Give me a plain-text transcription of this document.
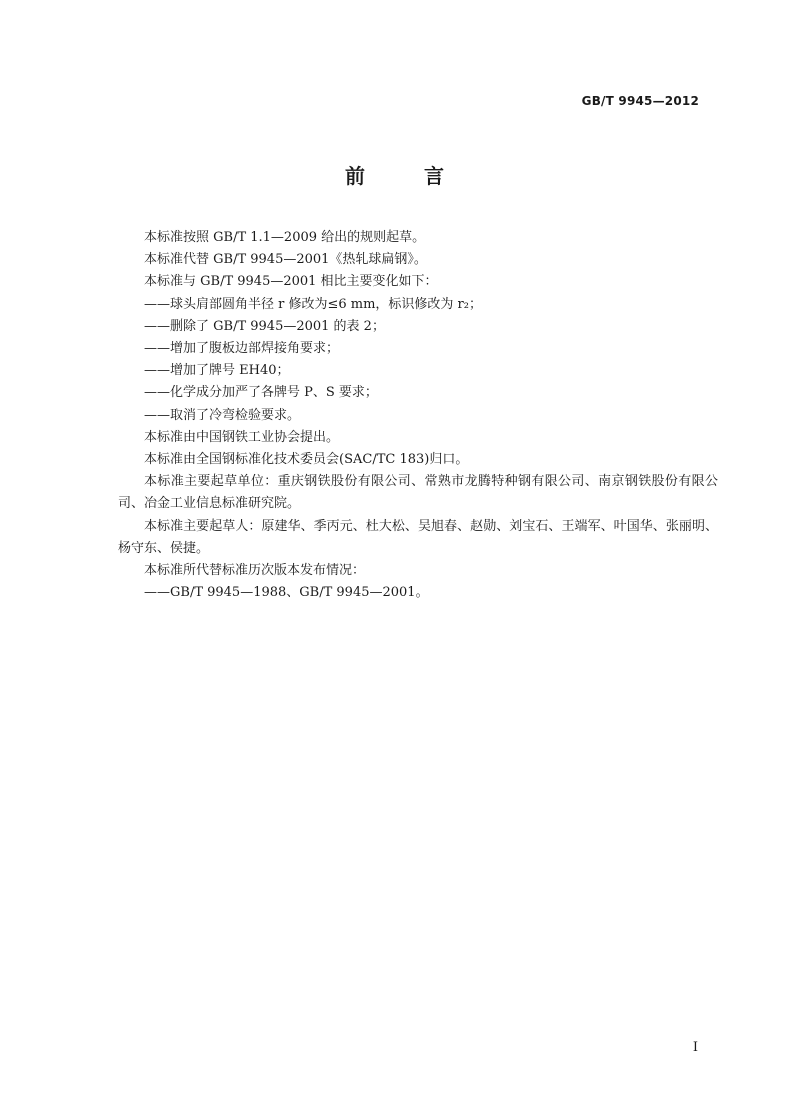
GB/T 9945—2012
前 言

本标准按照 GB/T 1.1—2009 给出的规则起草。

本标准代替 GB/T 9945—2001《热轧球扁钢》。

本标准与 GB/T 9945—2001 相比主要变化如下：

——球头肩部圆角半径 r 修改为≤6 mm，标识修改为 r₂；

——删除了 GB/T 9945—2001 的表 2；

——增加了腹板边部焊接角要求；

——增加了牌号 EH40；

——化学成分加严了各牌号 P、S 要求；

——取消了冷弯检验要求。

本标准由中国钢铁工业协会提出。

本标准由全国钢标准化技术委员会(SAC/TC 183)归口。

本标准主要起草单位：重庆钢铁股份有限公司、常熟市龙腾特种钢有限公司、南京钢铁股份有限公司、冶金工业信息标准研究院。

本标准主要起草人：原建华、季丙元、杜大松、吴旭春、赵勋、刘宝石、王端军、叶国华、张丽明、杨守东、侯捷。

本标准所代替标准历次版本发布情况：

——GB/T 9945—1988、GB/T 9945—2001。

I
